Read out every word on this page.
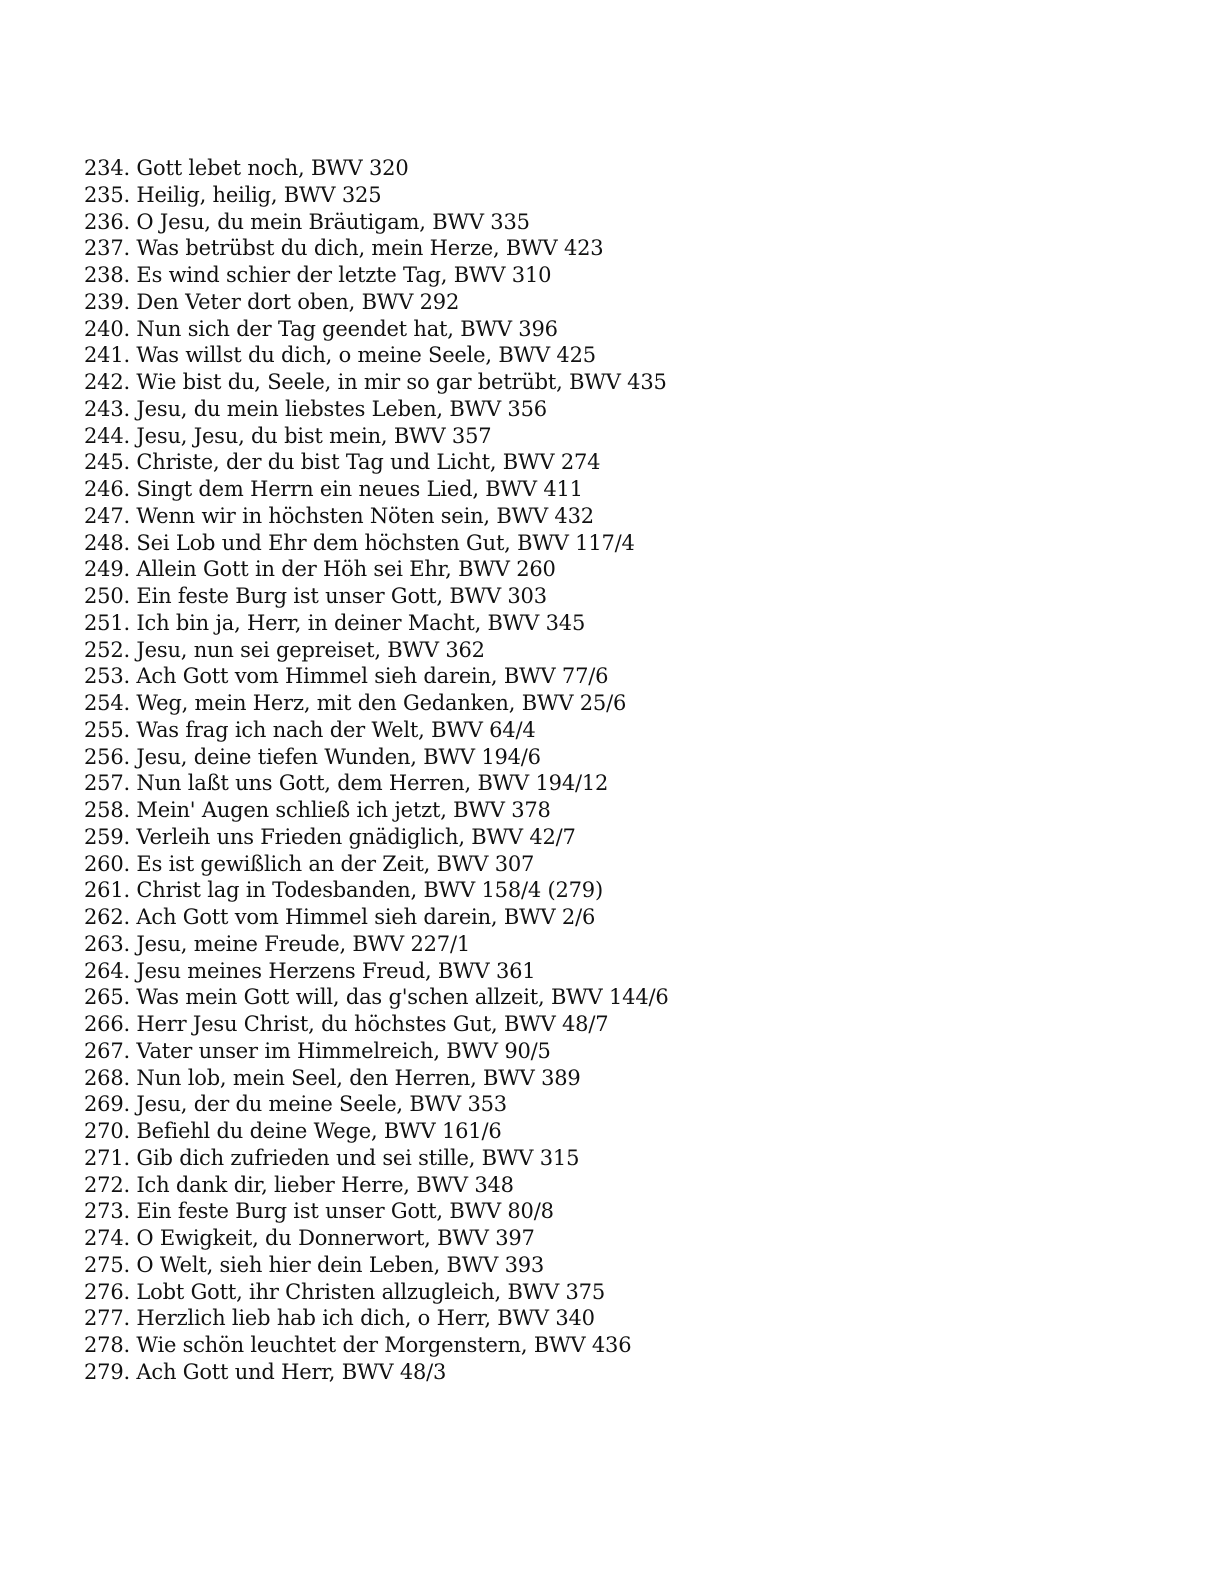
234. Gott lebet noch, BWV 320
235. Heilig, heilig, BWV 325
236. O Jesu, du mein Bräutigam, BWV 335
237. Was betrübst du dich, mein Herze, BWV 423
238. Es wind schier der letzte Tag, BWV 310
239. Den Veter dort oben, BWV 292
240. Nun sich der Tag geendet hat, BWV 396
241. Was willst du dich, o meine Seele, BWV 425
242. Wie bist du, Seele, in mir so gar betrübt, BWV 435
243. Jesu, du mein liebstes Leben, BWV 356
244. Jesu, Jesu, du bist mein, BWV 357
245. Christe, der du bist Tag und Licht, BWV 274
246. Singt dem Herrn ein neues Lied, BWV 411
247. Wenn wir in höchsten Nöten sein, BWV 432
248. Sei Lob und Ehr dem höchsten Gut, BWV 117/4
249. Allein Gott in der Höh sei Ehr, BWV 260
250. Ein feste Burg ist unser Gott, BWV 303
251. Ich bin ja, Herr, in deiner Macht, BWV 345
252. Jesu, nun sei gepreiset, BWV 362
253. Ach Gott vom Himmel sieh darein, BWV 77/6
254. Weg, mein Herz, mit den Gedanken, BWV 25/6
255. Was frag ich nach der Welt, BWV 64/4
256. Jesu, deine tiefen Wunden, BWV 194/6
257. Nun laßt uns Gott, dem Herren, BWV 194/12
258. Mein' Augen schließ ich jetzt, BWV 378
259. Verleih uns Frieden gnädiglich, BWV 42/7
260. Es ist gewißlich an der Zeit, BWV 307
261. Christ lag in Todesbanden, BWV 158/4 (279)
262. Ach Gott vom Himmel sieh darein, BWV 2/6
263. Jesu, meine Freude, BWV 227/1
264. Jesu meines Herzens Freud, BWV 361
265. Was mein Gott will, das g'schen allzeit, BWV 144/6
266. Herr Jesu Christ, du höchstes Gut, BWV 48/7
267. Vater unser im Himmelreich, BWV 90/5
268. Nun lob, mein Seel, den Herren, BWV 389
269. Jesu, der du meine Seele, BWV 353
270. Befiehl du deine Wege, BWV 161/6
271. Gib dich zufrieden und sei stille, BWV 315
272. Ich dank dir, lieber Herre, BWV 348
273. Ein feste Burg ist unser Gott, BWV 80/8
274. O Ewigkeit, du Donnerwort, BWV 397
275. O Welt, sieh hier dein Leben, BWV 393
276. Lobt Gott, ihr Christen allzugleich, BWV 375
277. Herzlich lieb hab ich dich, o Herr, BWV 340
278. Wie schön leuchtet der Morgenstern, BWV 436
279. Ach Gott und Herr, BWV 48/3
